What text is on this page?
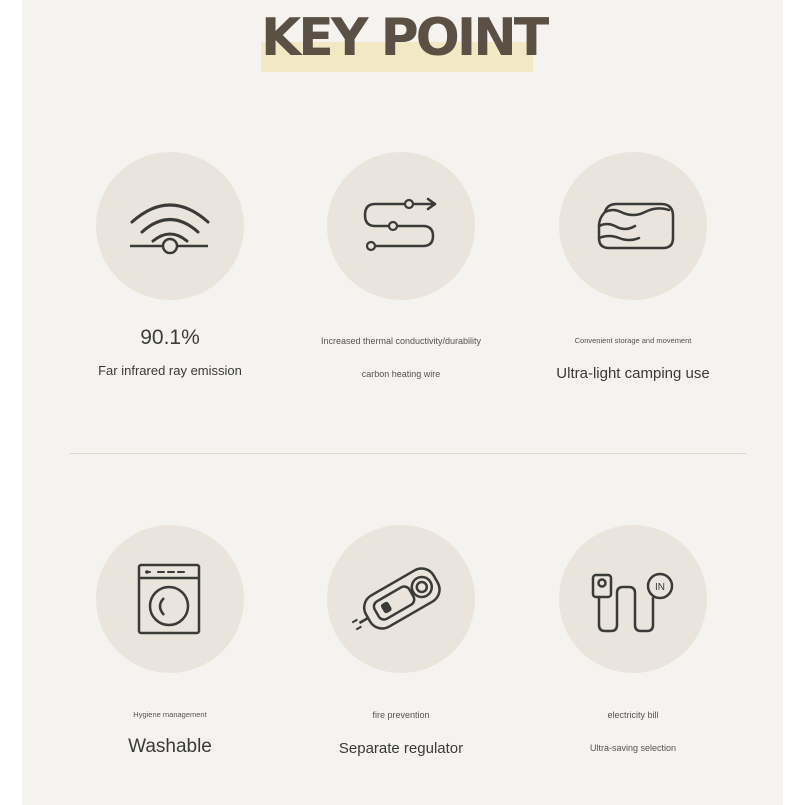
KEY POINT
90.1%
Far infrared ray emission
Increased thermal conductivity/durability
carbon heating wire
Convenient storage and movement
Ultra-light camping use
Hygiene management
Washable
fire prevention
Separate regulator
IN
electricity bill
Ultra-saving selection
